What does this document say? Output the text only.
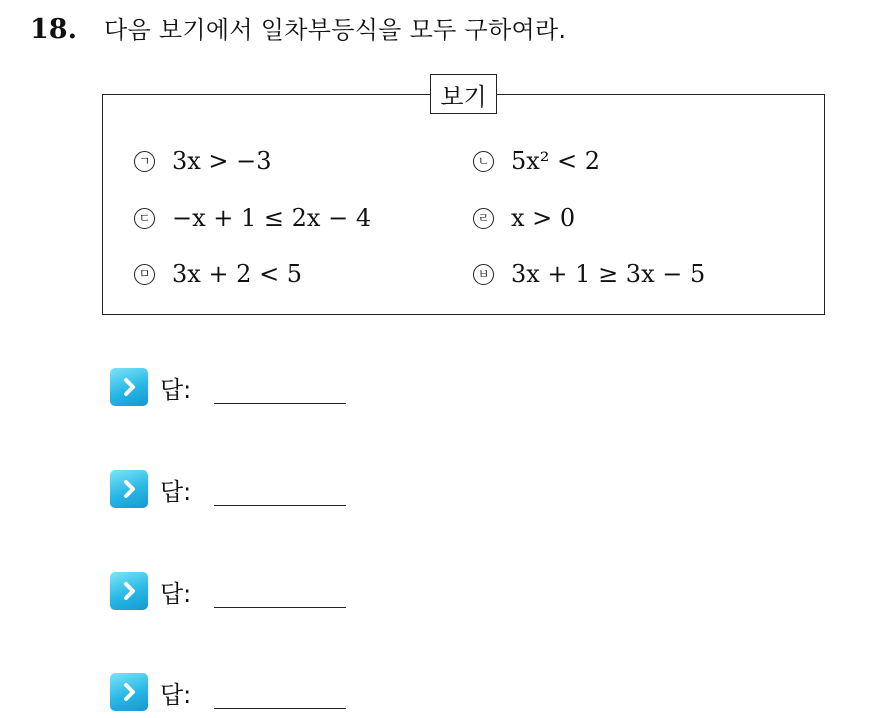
18.	다음 보기에서 일차부등식을 모두 구하여라.
ㄱ 3x > −3	ㄴ 5x² < 2
ㄷ −x + 1 ≤ 2x − 4	ㄹ x > 0
ㅁ 3x + 2 < 5	ㅂ 3x + 1 ≥ 3x − 5
보기
답:
답:
답:
답:
